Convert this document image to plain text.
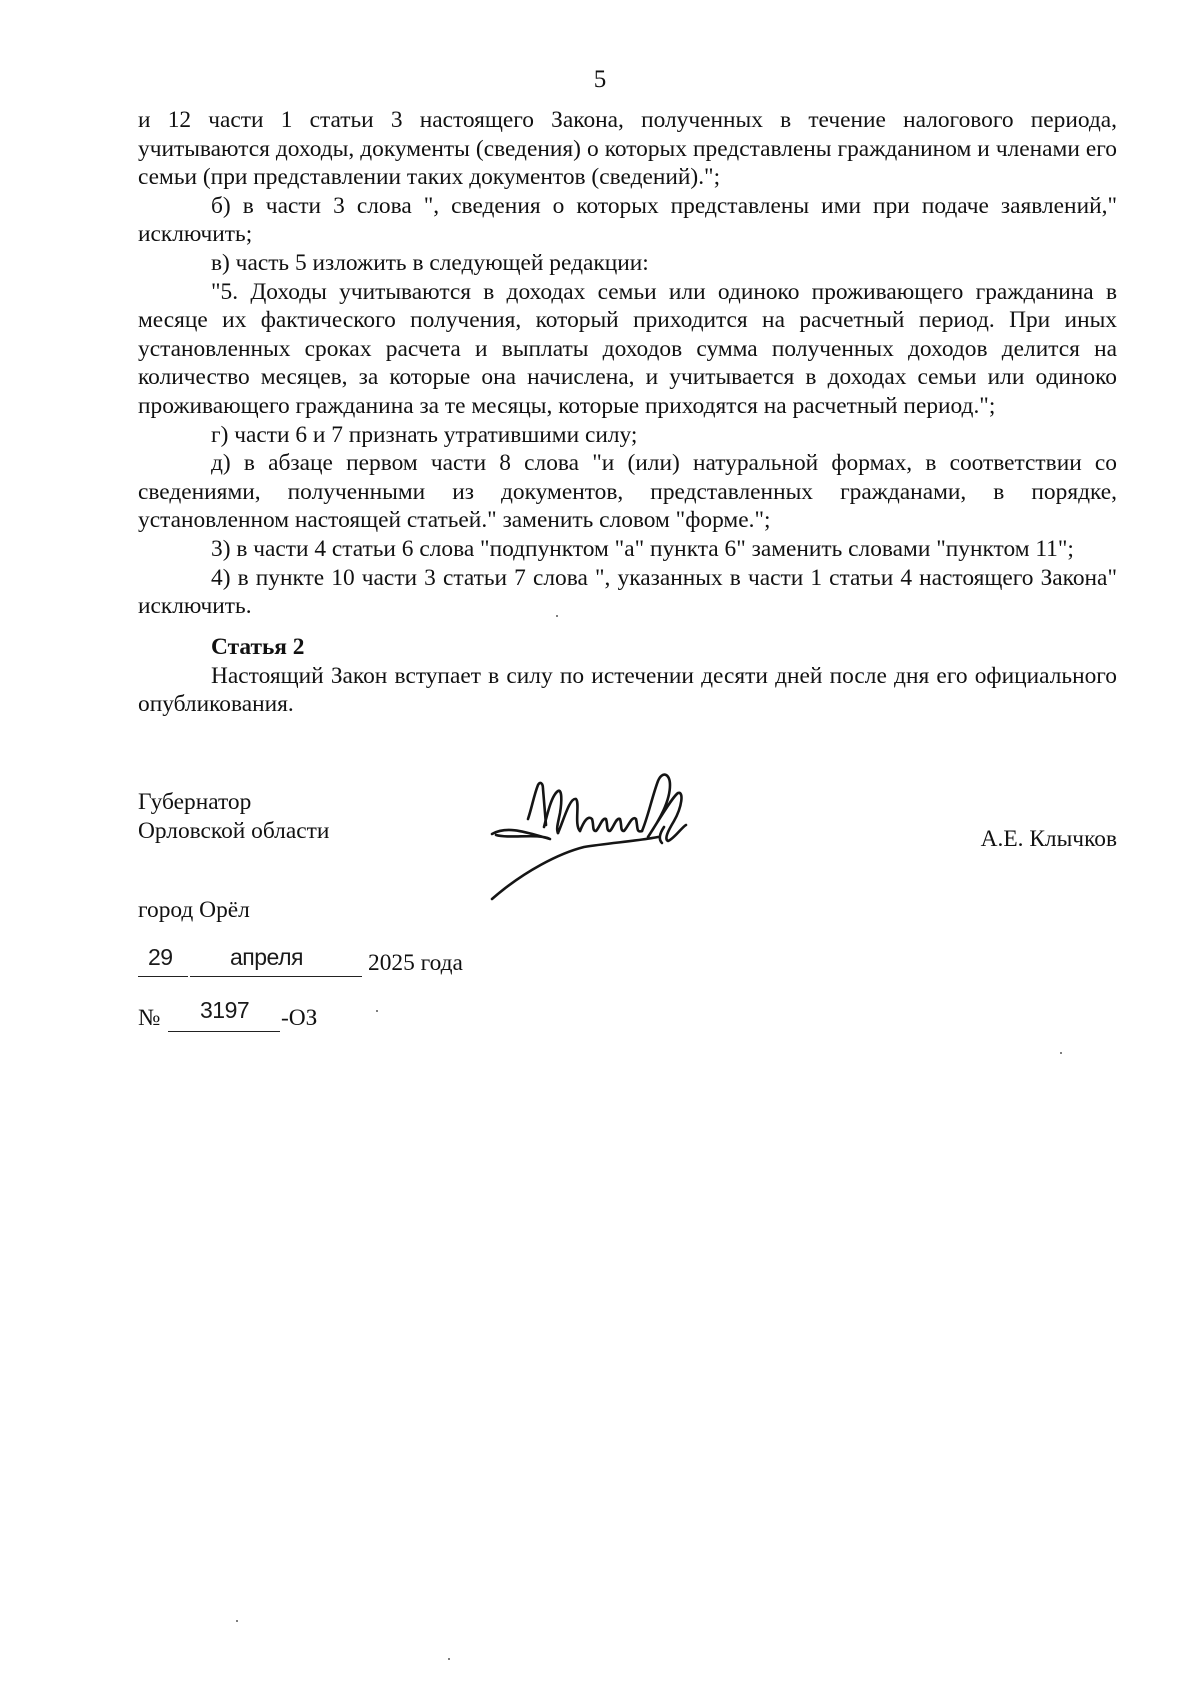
5

и 12 части 1 статьи 3 настоящего Закона, полученных в течение налогового периода, учитываются доходы, документы (сведения) о которых представлены гражданином и членами его семьи (при представлении таких документов (сведений).";

б) в части 3 слова ", сведения о которых представлены ими при подаче заявлений," исключить;

в) часть 5 изложить в следующей редакции:

"5. Доходы учитываются в доходах семьи или одиноко проживающего гражданина в месяце их фактического получения, который приходится на расчетный период. При иных установленных сроках расчета и выплаты доходов сумма полученных доходов делится на количество месяцев, за которые она начислена, и учитывается в доходах семьи или одиноко проживающего гражданина за те месяцы, которые приходятся на расчетный период.";

г) части 6 и 7 признать утратившими силу;

д) в абзаце первом части 8 слова "и (или) натуральной формах, в соответствии со сведениями, полученными из документов, представленных гражданами, в порядке, установленном настоящей статьей." заменить словом "форме.";

3) в части 4 статьи 6 слова "подпунктом "а" пункта 6" заменить словами "пунктом 11";

4) в пункте 10 части 3 статьи 7 слова ", указанных в части 1 статьи 4 настоящего Закона" исключить.

Статья 2

Настоящий Закон вступает в силу по истечении десяти дней после дня его официального опубликования.

Губернатор
Орловской области	А.Е. Клычков
город Орёл
29 апреля	2025 года
№ 3197 -ОЗ
